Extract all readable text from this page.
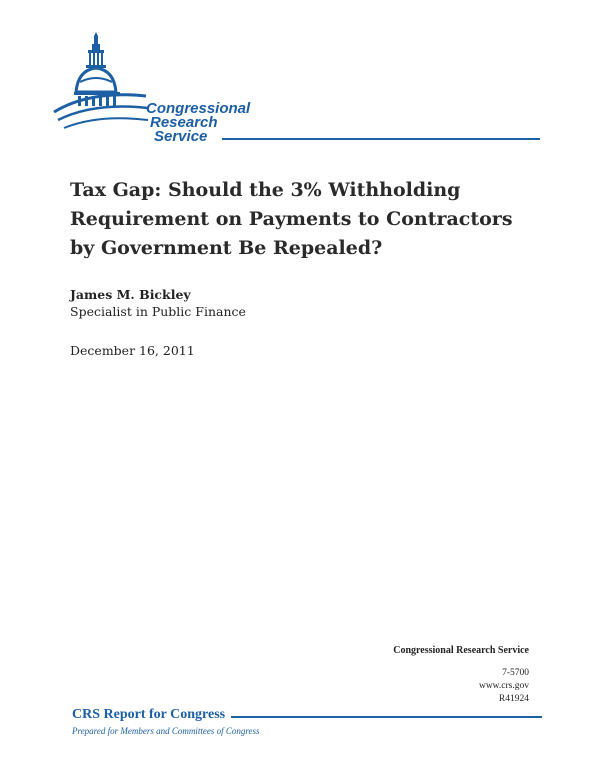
Congressional
Research
Service
Tax Gap: Should the 3% Withholding Requirement on Payments to Contractors by Government Be Repealed?
James M. Bickley
Specialist in Public Finance
December 16, 2011
Congressional Research Service
7-5700
www.crs.gov
R41924
CRS Report for Congress
Prepared for Members and Committees of Congress
